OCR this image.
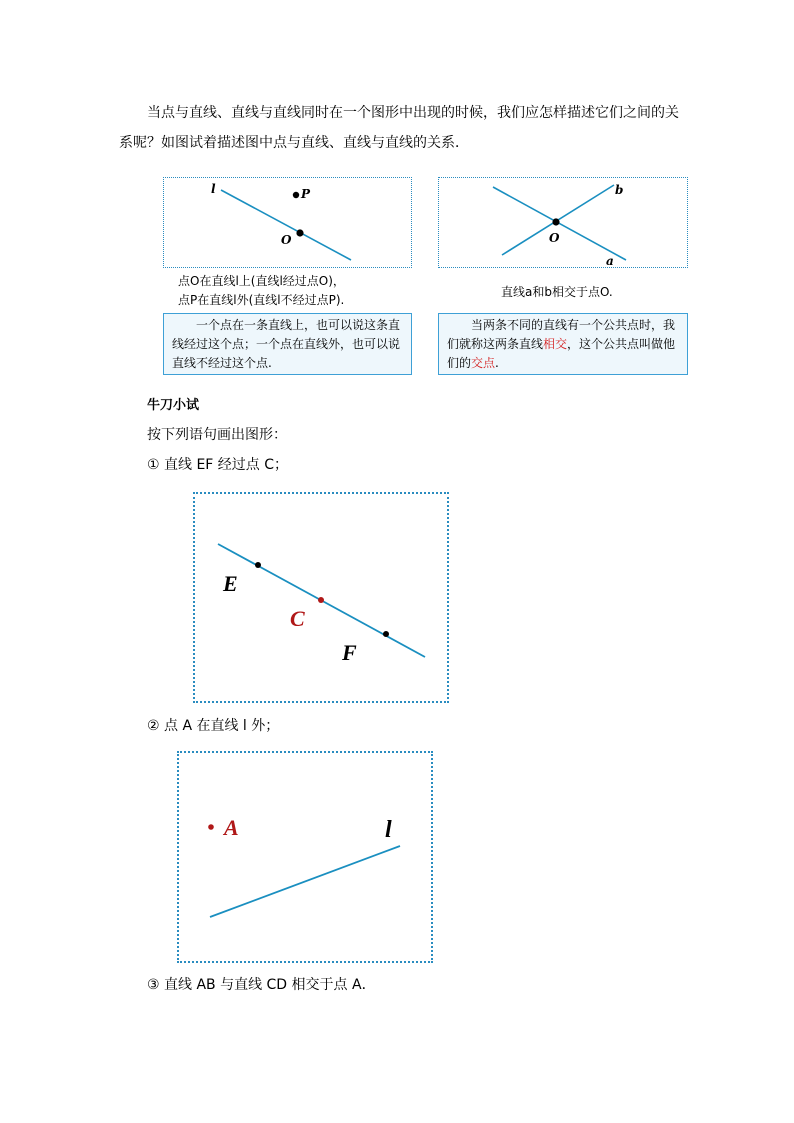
当点与直线、直线与直线同时在一个图形中出现的时候，我们应怎样描述它们之间的关
系呢？如图试着描述图中点与直线、直线与直线的关系．
l	P
O
点O在直线l上(直线l经过点O)，
点P在直线l外(直线l不经过点P).
b
O
a
直线a和b相交于点O.
一个点在一条直线上，也可以说这条直线经过这个点；一个点在直线外，也可以说直线不经过这个点.
当两条不同的直线有一个公共点时，我们就称这两条直线相交，这个公共点叫做他们的交点.
牛刀小试
按下列语句画出图形：
① 直线 EF 经过点 C；
E
C
F
② 点 A 在直线 l 外；
A	l
③ 直线 AB 与直线 CD 相交于点 A．
